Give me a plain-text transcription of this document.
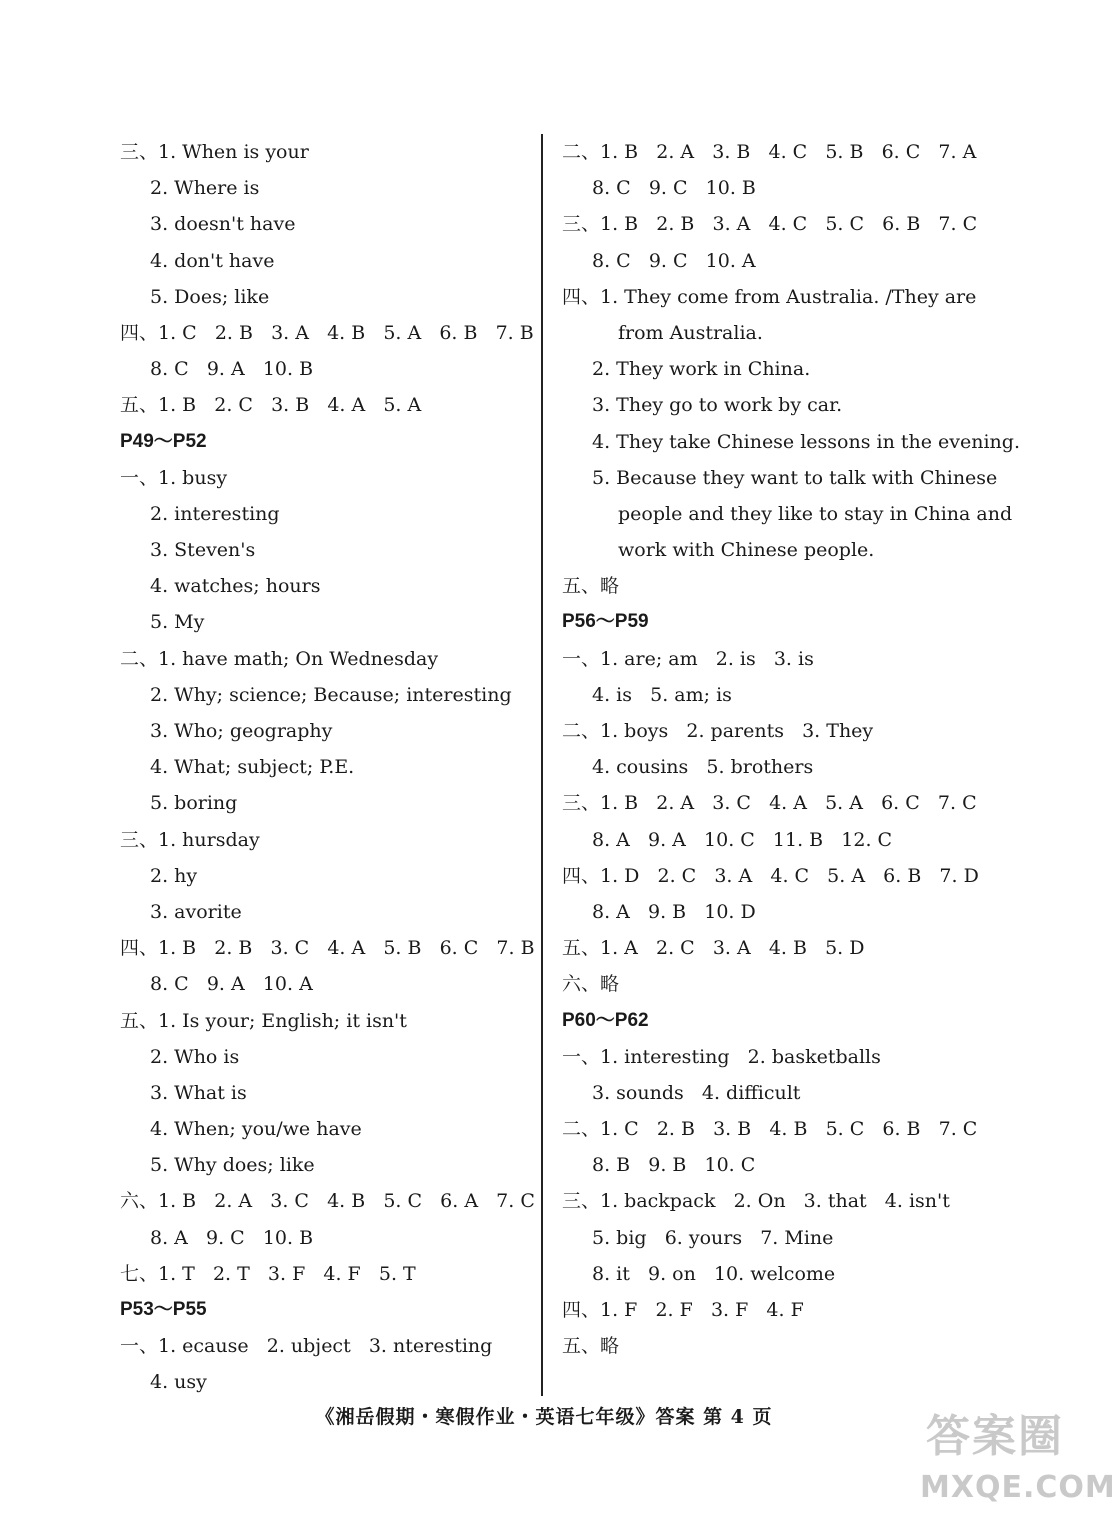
三、1. When is your
2. Where is
3. doesn't have
4. don't have
5. Does; like
四、1. C   2. B   3. A   4. B   5. A   6. B   7. B
8. C   9. A   10. B
五、1. B   2. C   3. B   4. A   5. A
P49～P52
一、1. busy
2. interesting
3. Steven's
4. watches; hours
5. My
二、1. have math; On Wednesday
2. Why; science; Because; interesting
3. Who; geography
4. What; subject; P.E.
5. boring
三、1. hursday
2. hy
3. avorite
四、1. B   2. B   3. C   4. A   5. B   6. C   7. B
8. C   9. A   10. A
五、1. Is your; English; it isn't
2. Who is
3. What is
4. When; you/we have
5. Why does; like
六、1. B   2. A   3. C   4. B   5. C   6. A   7. C
8. A   9. C   10. B
七、1. T   2. T   3. F   4. F   5. T
P53～P55
一、1. ecause   2. ubject   3. nteresting
4. usy
二、1. B   2. A   3. B   4. C   5. B   6. C   7. A
8. C   9. C   10. B
三、1. B   2. B   3. A   4. C   5. C   6. B   7. C
8. C   9. C   10. A
四、1. They come from Australia. /They are
from Australia.
2. They work in China.
3. They go to work by car.
4. They take Chinese lessons in the evening.
5. Because they want to talk with Chinese
people and they like to stay in China and
work with Chinese people.
五、略
P56～P59
一、1. are; am   2. is   3. is
4. is   5. am; is
二、1. boys   2. parents   3. They
4. cousins   5. brothers
三、1. B   2. A   3. C   4. A   5. A   6. C   7. C
8. A   9. A   10. C   11. B   12. C
四、1. D   2. C   3. A   4. C   5. A   6. B   7. D
8. A   9. B   10. D
五、1. A   2. C   3. A   4. B   5. D
六、略
P60～P62
一、1. interesting   2. basketballs
3. sounds   4. difficult
二、1. C   2. B   3. B   4. B   5. C   6. B   7. C
8. B   9. B   10. C
三、1. backpack   2. On   3. that   4. isn't
5. big   6. yours   7. Mine
8. it   9. on   10. welcome
四、1. F   2. F   3. F   4. F
五、略
《湘岳假期・寒假作业・英语七年级》答案 第 4 页	答案圈
MXQE.COM
